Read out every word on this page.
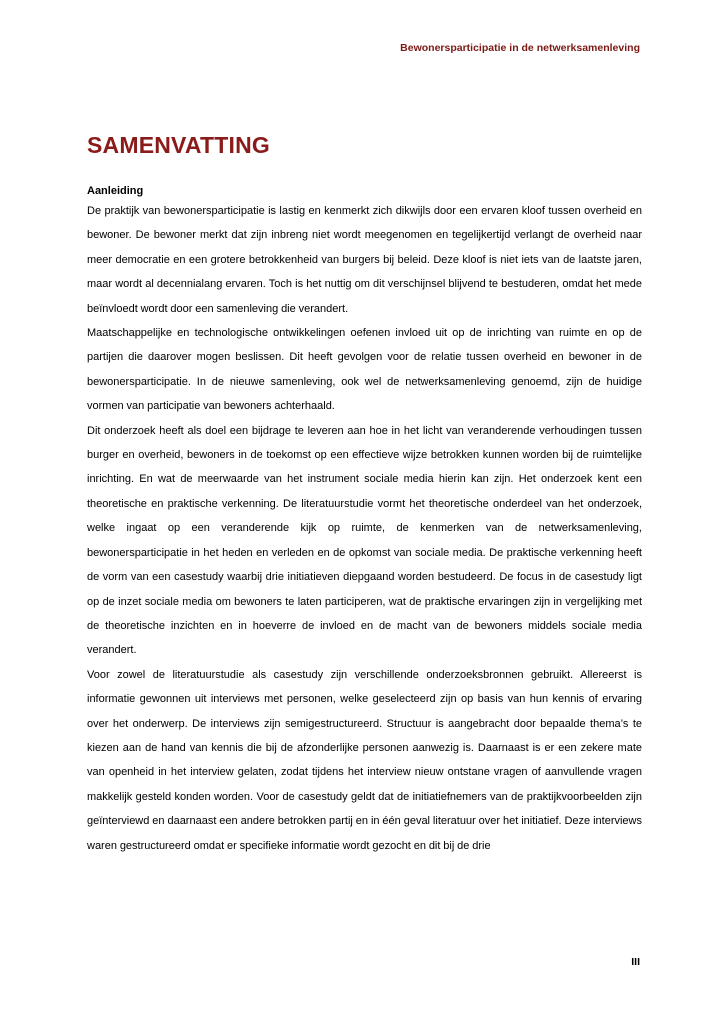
Bewonersparticipatie in de netwerksamenleving
SAMENVATTING
Aanleiding

De praktijk van bewonersparticipatie is lastig en kenmerkt zich dikwijls door een ervaren kloof tussen overheid en bewoner. De bewoner merkt dat zijn inbreng niet wordt meegenomen en tegelijkertijd verlangt de overheid naar meer democratie en een grotere betrokkenheid van burgers bij beleid. Deze kloof is niet iets van de laatste jaren, maar wordt al decennialang ervaren. Toch is het nuttig om dit verschijnsel blijvend te bestuderen, omdat het mede beïnvloedt wordt door een samenleving die verandert.

Maatschappelijke en technologische ontwikkelingen oefenen invloed uit op de inrichting van ruimte en op de partijen die daarover mogen beslissen. Dit heeft gevolgen voor de relatie tussen overheid en bewoner in de bewonersparticipatie. In de nieuwe samenleving, ook wel de netwerksamenleving genoemd, zijn de huidige vormen van participatie van bewoners achterhaald.

Dit onderzoek heeft als doel een bijdrage te leveren aan hoe in het licht van veranderende verhoudingen tussen burger en overheid, bewoners in de toekomst op een effectieve wijze betrokken kunnen worden bij de ruimtelijke inrichting. En wat de meerwaarde van het instrument sociale media hierin kan zijn. Het onderzoek kent een theoretische en praktische verkenning. De literatuurstudie vormt het theoretische onderdeel van het onderzoek, welke ingaat op een veranderende kijk op ruimte, de kenmerken van de netwerksamenleving, bewonersparticipatie in het heden en verleden en de opkomst van sociale media. De praktische verkenning heeft de vorm van een casestudy waarbij drie initiatieven diepgaand worden bestudeerd. De focus in de casestudy ligt op de inzet sociale media om bewoners te laten participeren, wat de praktische ervaringen zijn in vergelijking met de theoretische inzichten en in hoeverre de invloed en de macht van de bewoners middels sociale media verandert.

Voor zowel de literatuurstudie als casestudy zijn verschillende onderzoeksbronnen gebruikt. Allereerst is informatie gewonnen uit interviews met personen, welke geselecteerd zijn op basis van hun kennis of ervaring over het onderwerp. De interviews zijn semigestructureerd. Structuur is aangebracht door bepaalde thema’s te kiezen aan de hand van kennis die bij de afzonderlijke personen aanwezig is. Daarnaast is er een zekere mate van openheid in het interview gelaten, zodat tijdens het interview nieuw ontstane vragen of aanvullende vragen makkelijk gesteld konden worden. Voor de casestudy geldt dat de initiatiefnemers van de praktijkvoorbeelden zijn geïnterviewd en daarnaast een andere betrokken partij en in één geval literatuur over het initiatief. Deze interviews waren gestructureerd omdat er specifieke informatie wordt gezocht en dit bij de drie

III
